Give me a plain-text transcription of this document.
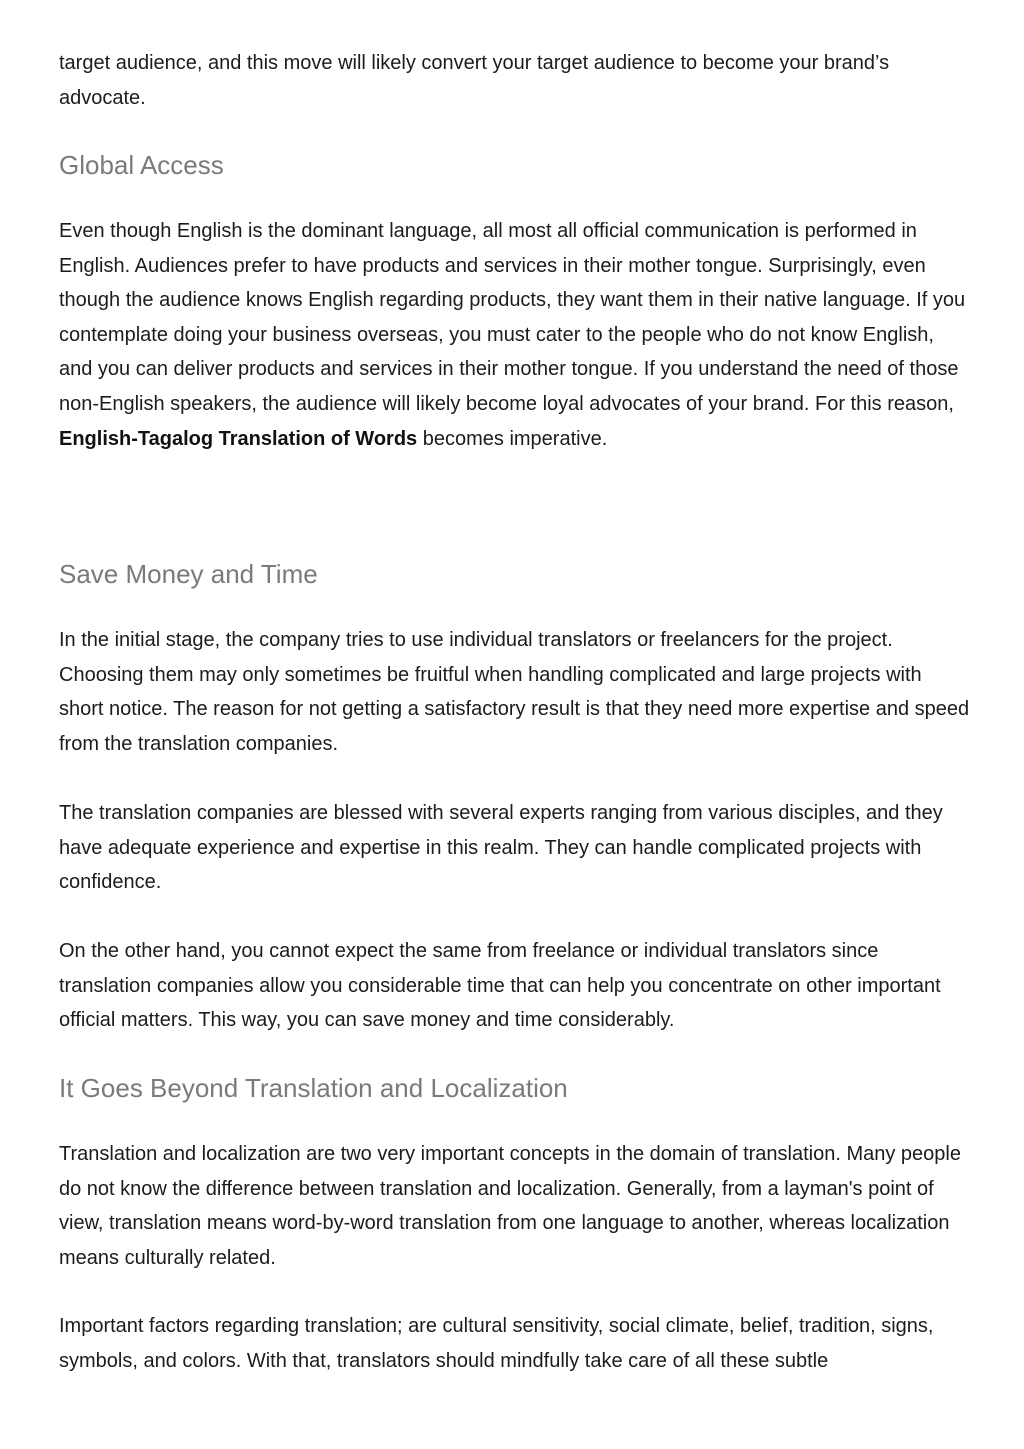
target audience, and this move will likely convert your target audience to become your brand’s advocate.

Global Access

Even though English is the dominant language, all most all official communication is performed in English. Audiences prefer to have products and services in their mother tongue. Surprisingly, even though the audience knows English regarding products, they want them in their native language. If you contemplate doing your business overseas, you must cater to the people who do not know English, and you can deliver products and services in their mother tongue. If you understand the need of those non-English speakers, the audience will likely become loyal advocates of your brand. For this reason, English-Tagalog Translation of Words becomes imperative.

Save Money and Time

In the initial stage, the company tries to use individual translators or freelancers for the project. Choosing them may only sometimes be fruitful when handling complicated and large projects with short notice. The reason for not getting a satisfactory result is that they need more expertise and speed from the translation companies.

The translation companies are blessed with several experts ranging from various disciples, and they have adequate experience and expertise in this realm. They can handle complicated projects with confidence.

On the other hand, you cannot expect the same from freelance or individual translators since translation companies allow you considerable time that can help you concentrate on other important official matters. This way, you can save money and time considerably.

It Goes Beyond Translation and Localization

Translation and localization are two very important concepts in the domain of translation. Many people do not know the difference between translation and localization. Generally, from a layman's point of view, translation means word-by-word translation from one language to another, whereas localization means culturally related.

Important factors regarding translation; are cultural sensitivity, social climate, belief, tradition, signs, symbols, and colors. With that, translators should mindfully take care of all these subtle
